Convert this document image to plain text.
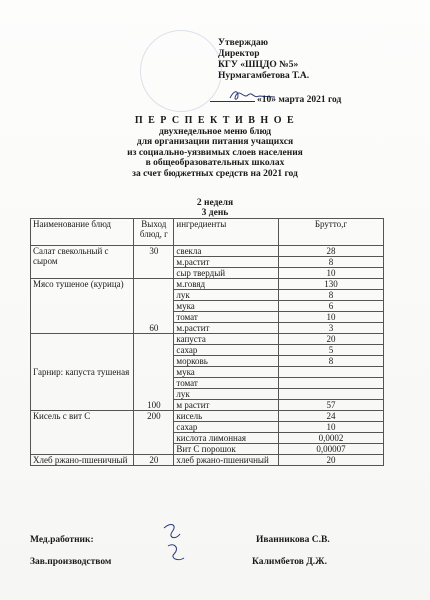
Утверждаю
Директор
КГУ «ШЦДО №5»
Нурмагамбетова Т.А.
«10» марта 2021 год
П Е Р С П Е К Т И В Н О Е
двухнедельное меню блюд
для организации питания учащихся
из социально-уязвимых слоев населения
в общеобразовательных школах
за счет бюджетных средств на 2021 год
2 неделя
3 день
Наименование блюд	Выход блюд, г	ингредиенты	Брутто,г
Салат свекольный с сыром	30	свекла	28
		м.растит	8
		сыр твердый	10
Мясо тушеное (курица)	60	м.говяд	130
		лук	8
		мука	6
		томат	10
		м.растит	3
Гарнир: капуста тушеная	100	капуста	20
		сахар	5
		морковь	8
		мука	
		томат	
		лук	
		м растит	57
Кисель с вит С	200	кисель	24
		сахар	10
		кислота лимонная	0,0002
		Вит С порошок	0,00007
Хлеб ржано-пшеничный	20	хлеб ржано-пшеничный	20
Мед.работник:	Иванникова С.В.
Зав.производством	Калимбетов Д.Ж.
